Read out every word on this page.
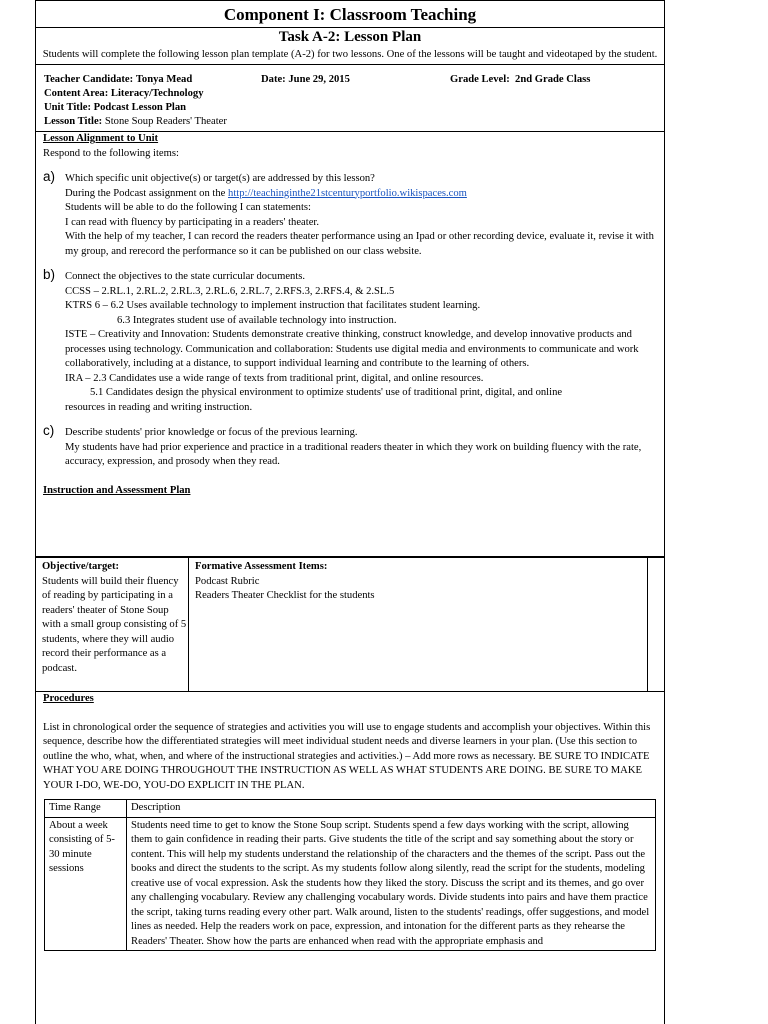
Component I: Classroom Teaching
Task A-2: Lesson Plan
Students will complete the following lesson plan template (A-2) for two lessons. One of the lessons will be taught and videotaped by the student.
Teacher Candidate: Tonya Mead	Date: June 29, 2015	Grade Level: 2nd Grade Class
Content Area: Literacy/Technology
Unit Title: Podcast Lesson Plan
Lesson Title: Stone Soup Readers' Theater
Lesson Alignment to Unit
Respond to the following items:
a) Which specific unit objective(s) or target(s) are addressed by this lesson?
During the Podcast assignment on the http://teachinginthe21stcenturyportfolio.wikispaces.com
Students will be able to do the following I can statements:
I can read with fluency by participating in a readers' theater.
With the help of my teacher, I can record the readers theater performance using an Ipad or other recording device, evaluate it, revise it with my group, and rerecord the performance so it can be published on our class website.
b) Connect the objectives to the state curricular documents.
CCSS – 2.RL.1, 2.RL.2, 2.RL.3, 2.RL.6, 2.RL.7, 2.RFS.3, 2.RFS.4, & 2.SL.5
KTRS 6 – 6.2 Uses available technology to implement instruction that facilitates student learning.
6.3 Integrates student use of available technology into instruction.
ISTE – Creativity and Innovation: Students demonstrate creative thinking, construct knowledge, and develop innovative products and processes using technology. Communication and collaboration: Students use digital media and environments to communicate and work collaboratively, including at a distance, to support individual learning and contribute to the learning of others.
IRA – 2.3 Candidates use a wide range of texts from traditional print, digital, and online resources.
5.1 Candidates design the physical environment to optimize students' use of traditional print, digital, and online
resources in reading and writing instruction.
c) Describe students' prior knowledge or focus of the previous learning.
My students have had prior experience and practice in a traditional readers theater in which they work on building fluency with the rate, accuracy, expression, and prosody when they read.
Instruction and Assessment Plan
Objective/target:
Students will build their fluency of reading by participating in a readers' theater of Stone Soup with a small group consisting of 5 students, where they will audio record their performance as a podcast.
Formative Assessment Items:
Podcast Rubric
Readers Theater Checklist for the students
Procedures
List in chronological order the sequence of strategies and activities you will use to engage students and accomplish your objectives. Within this sequence, describe how the differentiated strategies will meet individual student needs and diverse learners in your plan. (Use this section to outline the who, what, when, and where of the instructional strategies and activities.) – Add more rows as necessary. BE SURE TO INDICATE WHAT YOU ARE DOING THROUGHOUT THE INSTRUCTION AS WELL AS WHAT STUDENTS ARE DOING. BE SURE TO MAKE YOUR I-DO, WE-DO, YOU-DO EXPLICIT IN THE PLAN.
Time Range	Description
About a week consisting of 5- 30 minute sessions	Students need time to get to know the Stone Soup script. Students spend a few days working with the script, allowing them to gain confidence in reading their parts. Give students the title of the script and say something about the story or content. This will help my students understand the relationship of the characters and the themes of the script. Pass out the books and direct the students to the script. As my students follow along silently, read the script for the students, modeling creative use of vocal expression. Ask the students how they liked the story. Discuss the script and its themes, and go over any challenging vocabulary. Review any challenging vocabulary words. Divide students into pairs and have them practice the script, taking turns reading every other part. Walk around, listen to the students' readings, offer suggestions, and model lines as needed. Help the readers work on pace, expression, and intonation for the different parts as they rehearse the Readers' Theater. Show how the parts are enhanced when read with the appropriate emphasis and
